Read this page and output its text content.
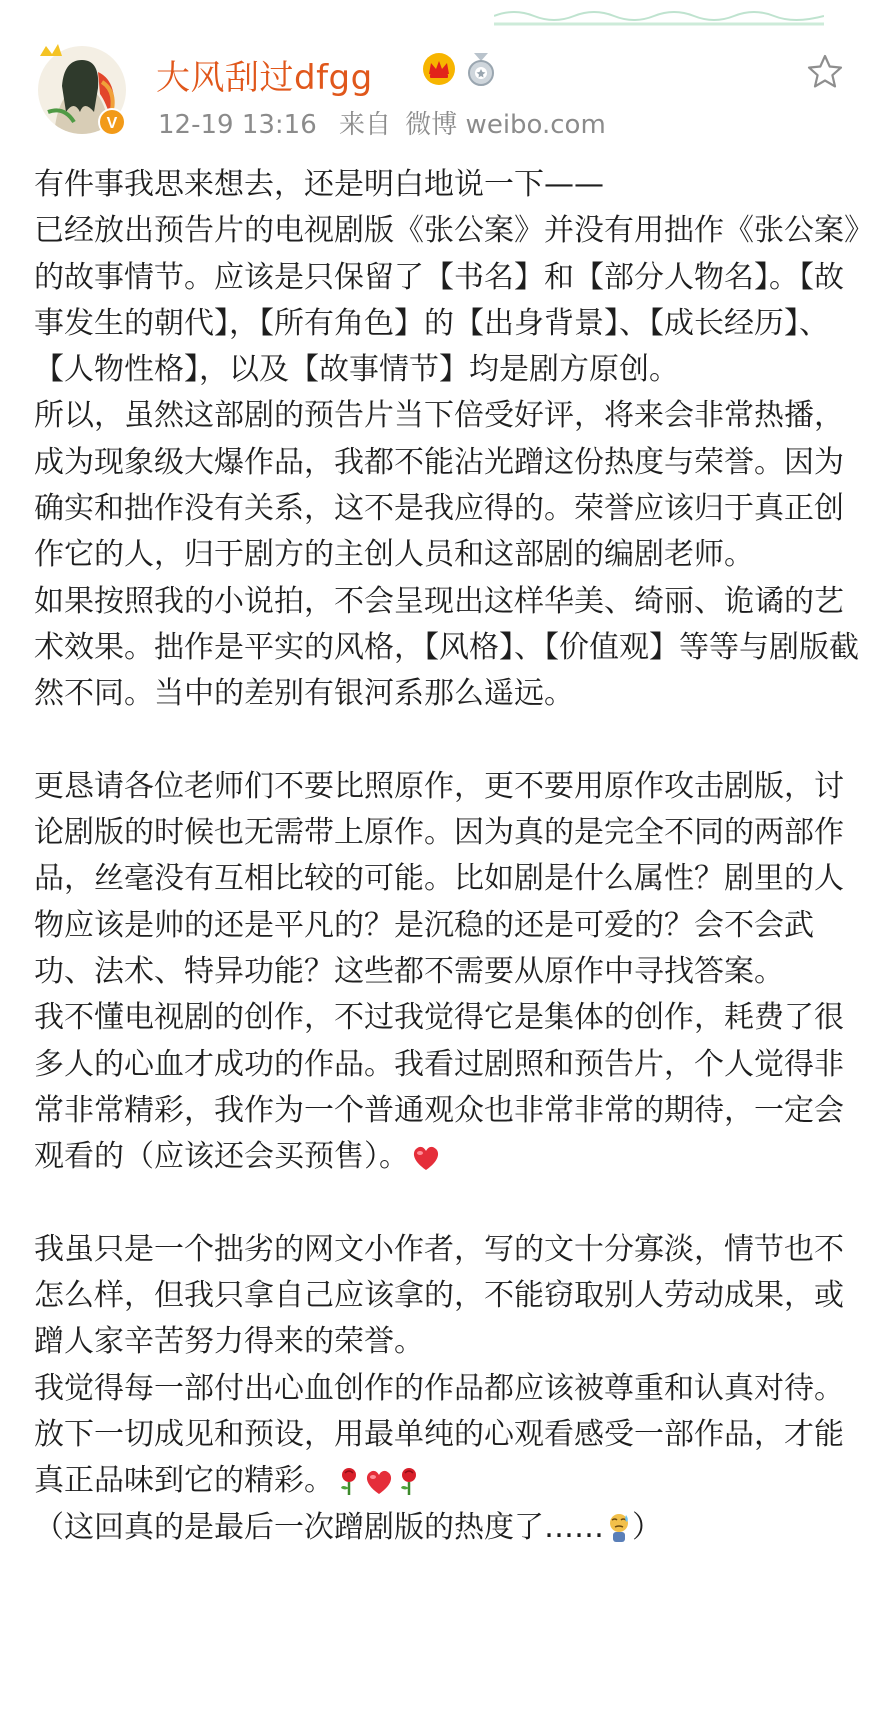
V
大风刮过dfgg
12-19 13:16 来自 微博 weibo.com

有件事我思来想去，还是明白地说一下——

已经放出预告片的电视剧版《张公案》并没有用拙作《张公案》的故事情节。应该是只保留了【书名】和【部分人物名】。【故事发生的朝代】，【所有角色】的【出身背景】、【成长经历】、【人物性格】，以及【故事情节】均是剧方原创。

所以，虽然这部剧的预告片当下倍受好评，将来会非常热播，成为现象级大爆作品，我都不能沾光蹭这份热度与荣誉。因为确实和拙作没有关系，这不是我应得的。荣誉应该归于真正创作它的人，归于剧方的主创人员和这部剧的编剧老师。

如果按照我的小说拍，不会呈现出这样华美、绮丽、诡谲的艺术效果。拙作是平实的风格，【风格】、【价值观】等等与剧版截然不同。当中的差别有银河系那么遥远。

更恳请各位老师们不要比照原作，更不要用原作攻击剧版，讨论剧版的时候也无需带上原作。因为真的是完全不同的两部作品，丝毫没有互相比较的可能。比如剧是什么属性？剧里的人物应该是帅的还是平凡的？是沉稳的还是可爱的？会不会武功、法术、特异功能？这些都不需要从原作中寻找答案。

我不懂电视剧的创作，不过我觉得它是集体的创作，耗费了很多人的心血才成功的作品。我看过剧照和预告片，个人觉得非常非常精彩，我作为一个普通观众也非常非常的期待，一定会观看的（应该还会买预售）。

我虽只是一个拙劣的网文小作者，写的文十分寡淡，情节也不怎么样，但我只拿自己应该拿的，不能窃取别人劳动成果，或蹭人家辛苦努力得来的荣誉。

我觉得每一部付出心血创作的作品都应该被尊重和认真对待。放下一切成见和预设，用最单纯的心观看感受一部作品，才能真正品味到它的精彩。

（这回真的是最后一次蹭剧版的热度了…… ）
